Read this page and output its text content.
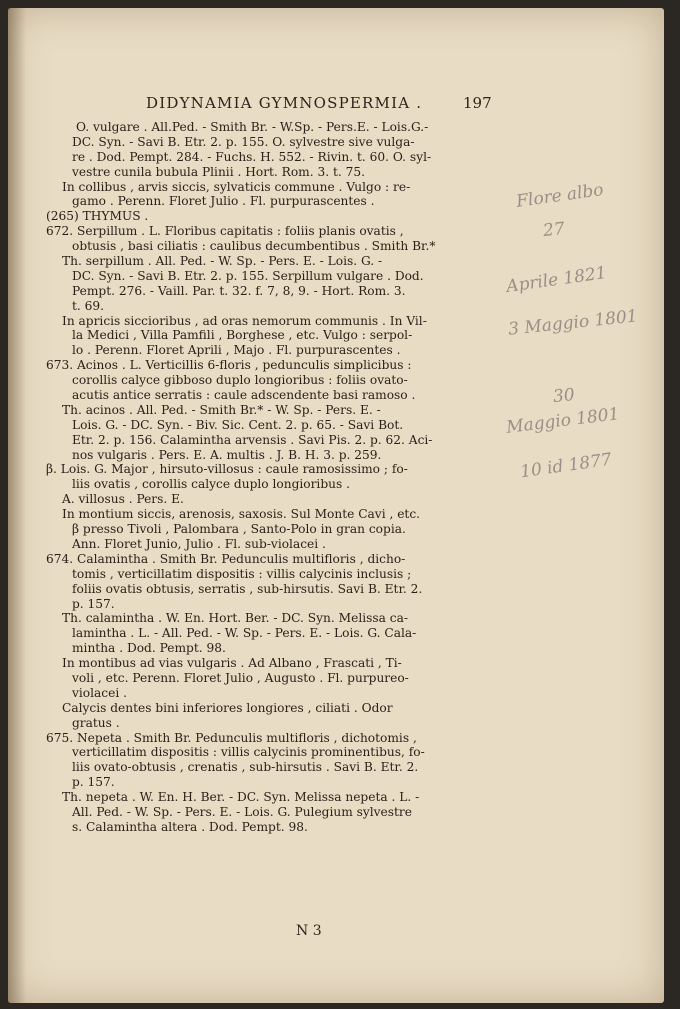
DIDYNAMIA GYMNOSPERMIA .	197
O. vulgare . All.Ped. - Smith Br. - W.Sp. - Pers.E. - Lois.G.-
DC. Syn. - Savi B. Etr. 2. p. 155. O. sylvestre sive vulga-
re . Dod. Pempt. 284. - Fuchs. H. 552. - Rivin. t. 60. O. syl-
vestre cunila bubula Plinii . Hort. Rom. 3. t. 75.
In collibus , arvis siccis, sylvaticis commune . Vulgo : re-
gamo . Perenn. Floret Julio . Fl. purpurascentes .
(265) THYMUS .
672. Serpillum . L. Floribus capitatis : foliis planis ovatis ,
obtusis , basi ciliatis : caulibus decumbentibus . Smith Br.*
Th. serpillum . All. Ped. - W. Sp. - Pers. E. - Lois. G. -
DC. Syn. - Savi B. Etr. 2. p. 155. Serpillum vulgare . Dod.
Pempt. 276. - Vaill. Par. t. 32. f. 7, 8, 9. - Hort. Rom. 3.
t. 69.
In apricis siccioribus , ad oras nemorum communis . In Vil-
la Medici , Villa Pamfili , Borghese , etc. Vulgo : serpol-
lo . Perenn. Floret Aprili , Majo . Fl. purpurascentes .
673. Acinos . L. Verticillis 6-floris , pedunculis simplicibus :
corollis calyce gibboso duplo longioribus : foliis ovato-
acutis antice serratis : caule adscendente basi ramoso .
Th. acinos . All. Ped. - Smith Br.* - W. Sp. - Pers. E. -
Lois. G. - DC. Syn. - Biv. Sic. Cent. 2. p. 65. - Savi Bot.
Etr. 2. p. 156. Calamintha arvensis . Savi Pis. 2. p. 62. Aci-
nos vulgaris . Pers. E. A. multis . J. B. H. 3. p. 259.
β. Lois. G. Major , hirsuto-villosus : caule ramosissimo ; fo-
liis ovatis , corollis calyce duplo longioribus .
A. villosus . Pers. E.
In montium siccis, arenosis, saxosis. Sul Monte Cavi , etc.
β presso Tivoli , Palombara , Santo-Polo in gran copia.
Ann. Floret Junio, Julio . Fl. sub-violacei .
674. Calamintha . Smith Br. Pedunculis multifloris , dicho-
tomis , verticillatim dispositis : villis calycinis inclusis ;
foliis ovatis obtusis, serratis , sub-hirsutis. Savi B. Etr. 2.
p. 157.
Th. calamintha . W. En. Hort. Ber. - DC. Syn. Melissa ca-
lamintha . L. - All. Ped. - W. Sp. - Pers. E. - Lois. G. Cala-
mintha . Dod. Pempt. 98.
In montibus ad vias vulgaris . Ad Albano , Frascati , Ti-
voli , etc. Perenn. Floret Julio , Augusto . Fl. purpureo-
violacei .
Calycis dentes bini inferiores longiores , ciliati . Odor
gratus .
675. Nepeta . Smith Br. Pedunculis multifloris , dichotomis ,
verticillatim dispositis : villis calycinis prominentibus, fo-
liis ovato-obtusis , crenatis , sub-hirsutis . Savi B. Etr. 2.
p. 157.
Th. nepeta . W. En. H. Ber. - DC. Syn. Melissa nepeta . L. -
All. Ped. - W. Sp. - Pers. E. - Lois. G. Pulegium sylvestre
s. Calamintha altera . Dod. Pempt. 98.
N 3
Flore albo
27
Aprile 1821
3 Maggio 1801
30
Maggio 1801
10 id 1877
